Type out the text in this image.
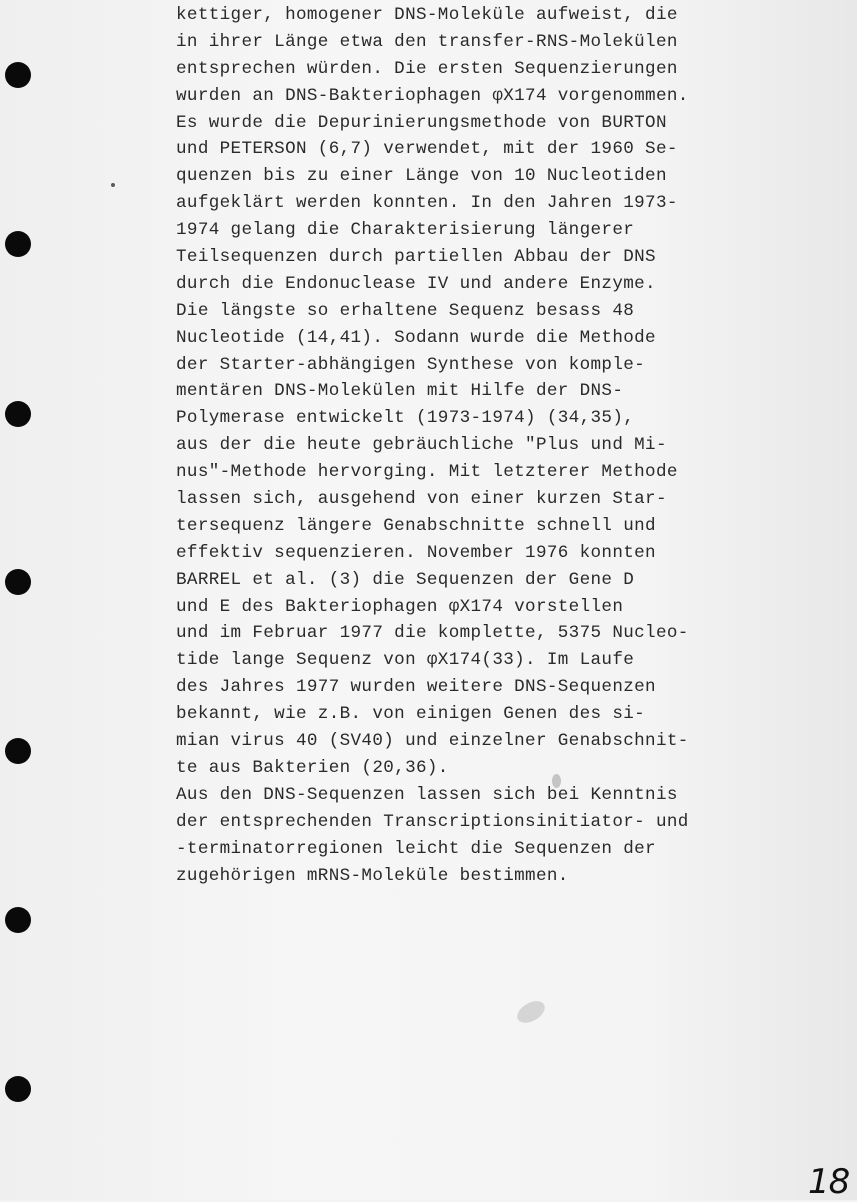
kettiger, homogener DNS-Moleküle aufweist, die
in ihrer Länge etwa den transfer-RNS-Molekülen
entsprechen würden. Die ersten Sequenzierungen
wurden an DNS-Bakteriophagen φX174 vorgenommen.
Es wurde die Depurinierungsmethode von BURTON
und PETERSON (6,7) verwendet, mit der 1960 Se-
quenzen bis zu einer Länge von 10 Nucleotiden
aufgeklärt werden konnten. In den Jahren 1973-
1974 gelang die Charakterisierung längerer
Teilsequenzen durch partiellen Abbau der DNS
durch die Endonuclease IV und andere Enzyme.
Die längste so erhaltene Sequenz besass 48
Nucleotide (14,41). Sodann wurde die Methode
der Starter-abhängigen Synthese von komple-
mentären DNS-Molekülen mit Hilfe der DNS-
Polymerase entwickelt (1973-1974) (34,35),
aus der die heute gebräuchliche "Plus und Mi-
nus"-Methode hervorging. Mit letzterer Methode
lassen sich, ausgehend von einer kurzen Star-
tersequenz längere Genabschnitte schnell und
effektiv sequenzieren. November 1976 konnten
BARREL et al. (3) die Sequenzen der Gene D
und E des Bakteriophagen φX174 vorstellen
und im Februar 1977 die komplette, 5375 Nucleo-
tide lange Sequenz von φX174(33). Im Laufe
des Jahres 1977 wurden weitere DNS-Sequenzen
bekannt, wie z.B. von einigen Genen des si-
mian virus 40 (SV40) und einzelner Genabschnit-
te aus Bakterien (20,36).
Aus den DNS-Sequenzen lassen sich bei Kenntnis
der entsprechenden Transcriptionsinitiator- und
-terminatorregionen leicht die Sequenzen der
zugehörigen mRNS-Moleküle bestimmen.
18
